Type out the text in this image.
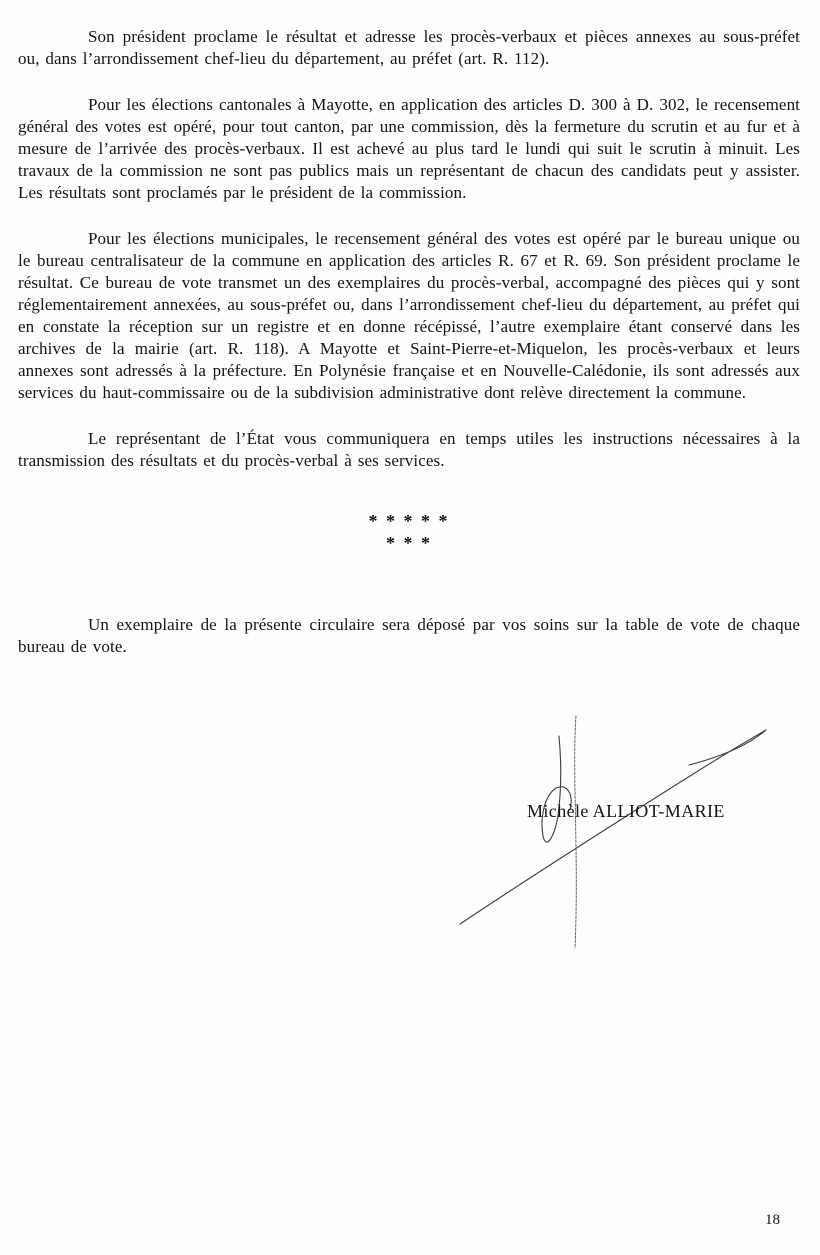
Son président proclame le résultat et adresse les procès-verbaux et pièces annexes au sous-préfet ou, dans l’arrondissement chef-lieu du département, au préfet (art. R. 112).

Pour les élections cantonales à Mayotte, en application des articles D. 300 à D. 302, le recensement général des votes est opéré, pour tout canton, par une commission, dès la fermeture du scrutin et au fur et à mesure de l’arrivée des procès-verbaux. Il est achevé au plus tard le lundi qui suit le scrutin à minuit. Les travaux de la commission ne sont pas publics mais un représentant de chacun des candidats peut y assister. Les résultats sont proclamés par le président de la commission.

Pour les élections municipales, le recensement général des votes est opéré par le bureau unique ou le bureau centralisateur de la commune en application des articles R. 67 et R. 69. Son président proclame le résultat. Ce bureau de vote transmet un des exemplaires du procès-verbal, accompagné des pièces qui y sont réglementairement annexées, au sous-préfet ou, dans l’arrondissement chef-lieu du département, au préfet qui en constate la réception sur un registre et en donne récépissé, l’autre exemplaire étant conservé dans les archives de la mairie (art. R. 118). A Mayotte et Saint-Pierre-et-Miquelon, les procès-verbaux et leurs annexes sont adressés à la préfecture. En Polynésie française et en Nouvelle-Calédonie, ils sont adressés aux services du haut-commissaire ou de la subdivision administrative dont relève directement la commune.

Le représentant de l’État vous communiquera en temps utiles les instructions nécessaires à la transmission des résultats et du procès-verbal à ses services.

* * * * *
* * *

Un exemplaire de la présente circulaire sera déposé par vos soins sur la table de vote de chaque bureau de vote.

Michèle ALLIOT-MARIE
18
